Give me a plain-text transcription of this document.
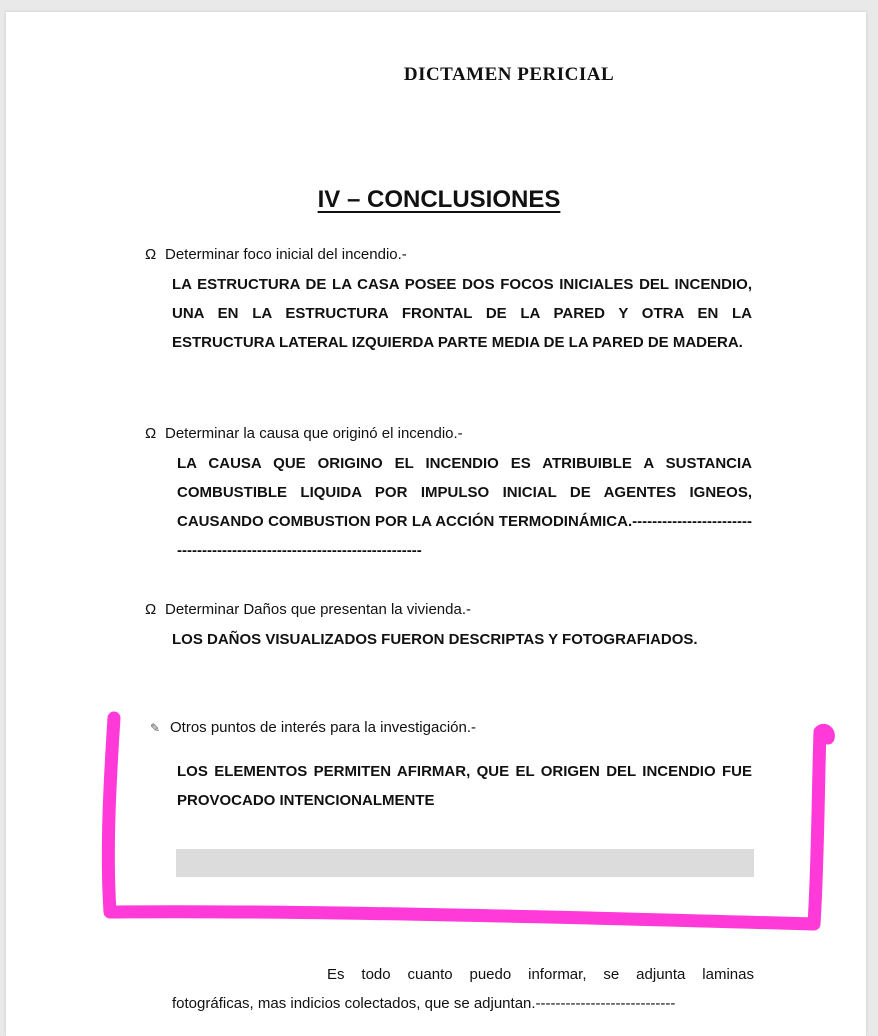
DICTAMEN PERICIAL
IV – CONCLUSIONES
Ω Determinar foco inicial del incendio.-
LA ESTRUCTURA DE LA CASA POSEE DOS FOCOS INICIALES DEL INCENDIO, UNA EN LA ESTRUCTURA FRONTAL DE LA PARED Y OTRA EN LA ESTRUCTURA LATERAL IZQUIERDA PARTE MEDIA DE LA PARED DE MADERA.
Ω Determinar la causa que originó el incendio.-
LA CAUSA QUE ORIGINO EL INCENDIO ES ATRIBUIBLE A SUSTANCIA COMBUSTIBLE LIQUIDA POR IMPULSO INICIAL DE AGENTES IGNEOS, CAUSANDO COMBUSTION POR LA ACCIÓN TERMODINÁMICA.-------------------------------------------------------------------------
Ω Determinar Daños que presentan la vivienda.-
LOS DAÑOS VISUALIZADOS FUERON DESCRIPTAS Y FOTOGRAFIADOS.
✎ Otros puntos de interés para la investigación.-
LOS ELEMENTOS PERMITEN AFIRMAR, QUE EL ORIGEN DEL INCENDIO FUE PROVOCADO INTENCIONALMENTE
Es todo cuanto puedo informar, se adjunta laminas
fotográficas, mas indicios colectados, que se adjuntan.----------------------------
